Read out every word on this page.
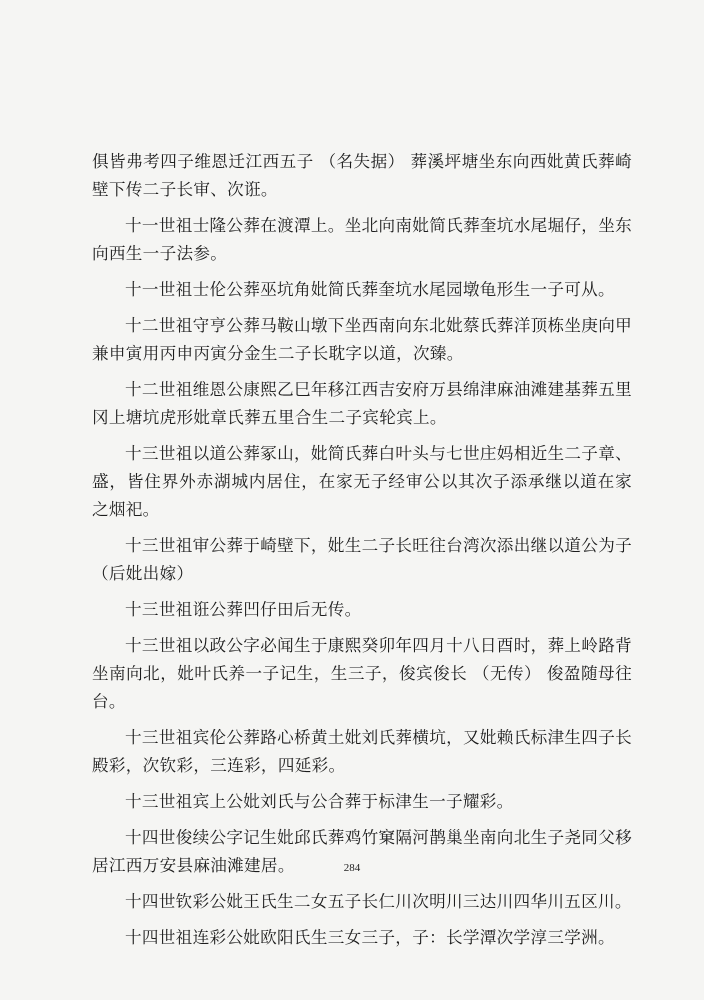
俱皆弗考四子维恩迁江西五子 （名失据） 葬溪坪塘坐东向西妣黄氏葬崎壁下传二子长审、次诳。

十一世祖士隆公葬在渡潭上。坐北向南妣简氏葬奎坑水尾堀仔，坐东向西生一子法参。

十一世祖士伦公葬巫坑角妣简氏葬奎坑水尾园墩龟形生一子可从。

十二世祖守亨公葬马鞍山墩下坐西南向东北妣蔡氏葬洋顶栋坐庚向甲兼申寅用丙申丙寅分金生二子长耽字以道，次臻。

十二世祖维恩公康熙乙巳年移江西吉安府万县绵津麻油滩建基葬五里冈上塘坑虎形妣章氏葬五里合生二子宾轮宾上。

十三世祖以道公葬冢山，妣简氏葬白叶头与七世庄妈相近生二子章、盛，皆住界外赤湖城内居住，在家无子经审公以其次子添承继以道在家之烟祀。

十三世祖审公葬于崎壁下，妣生二子长旺往台湾次添出继以道公为子（后妣出嫁）

十三世祖诳公葬凹仔田后无传。

十三世祖以政公字必闻生于康熙癸卯年四月十八日酉时，葬上岭路背坐南向北，妣叶氏养一子记生，生三子，俊宾俊长 （无传） 俊盈随母往台。

十三世祖宾伦公葬路心桥黄土妣刘氏葬横坑，又妣赖氏标津生四子长殿彩，次钦彩，三连彩，四延彩。

十三世祖宾上公妣刘氏与公合葬于标津生一子耀彩。

十四世俊续公字记生妣邱氏葬鸡竹窠隔河鹊巢坐南向北生子尧同父移居江西万安县麻油滩建居。

十四世钦彩公妣王氏生二女五子长仁川次明川三达川四华川五区川。

十四世祖连彩公妣欧阳氏生三女三子，子：长学潭次学淳三学洲。

284
